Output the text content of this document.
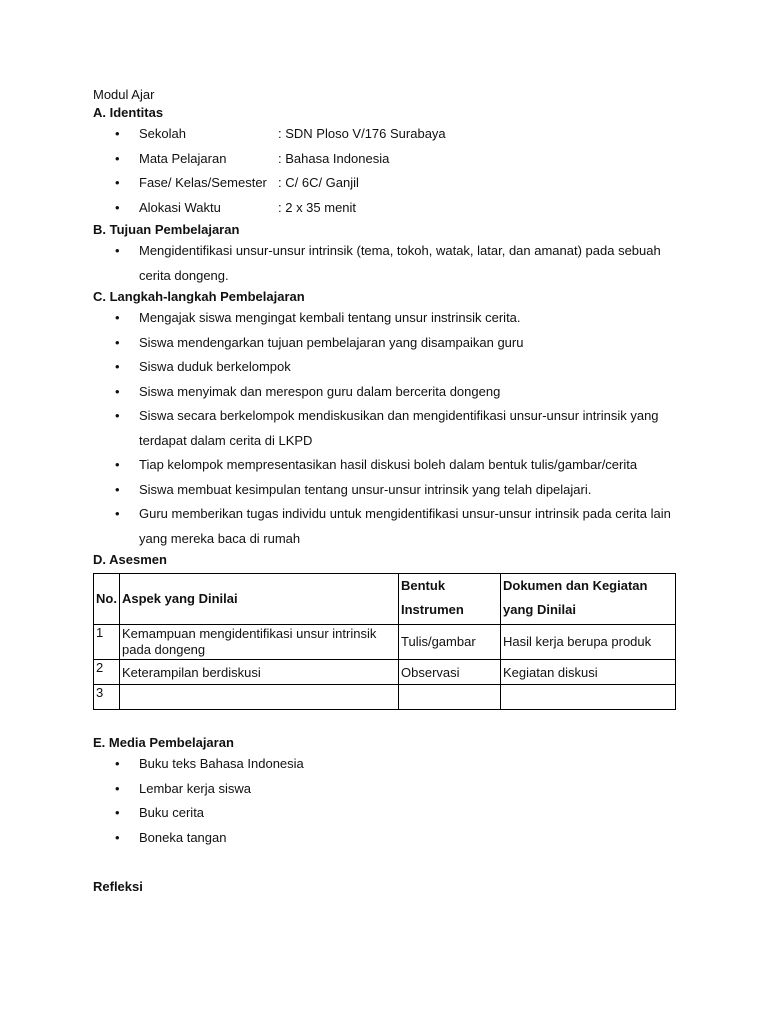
Modul Ajar
A. Identitas
• Sekolah	: SDN Ploso V/176 Surabaya
• Mata Pelajaran	: Bahasa Indonesia
• Fase/ Kelas/Semester : C/ 6C/ Ganjil
• Alokasi Waktu	: 2 x 35 menit
B. Tujuan Pembelajaran
• Mengidentifikasi unsur-unsur intrinsik (tema, tokoh, watak, latar, dan amanat) pada sebuah cerita dongeng.
C. Langkah-langkah Pembelajaran
• Mengajak siswa mengingat kembali tentang unsur instrinsik cerita.
• Siswa mendengarkan tujuan pembelajaran yang disampaikan guru
• Siswa duduk berkelompok
• Siswa menyimak dan merespon guru dalam bercerita dongeng
• Siswa secara berkelompok mendiskusikan dan mengidentifikasi unsur-unsur intrinsik yang terdapat dalam cerita di LKPD
• Tiap kelompok mempresentasikan hasil diskusi boleh dalam bentuk tulis/gambar/cerita
• Siswa membuat kesimpulan tentang unsur-unsur intrinsik yang telah dipelajari.
• Guru memberikan tugas individu untuk mengidentifikasi unsur-unsur intrinsik pada cerita lain yang mereka baca di rumah
D. Asesmen
No.	Aspek yang Dinilai	Bentuk Instrumen	Dokumen dan Kegiatan yang Dinilai
1	Kemampuan mengidentifikasi unsur intrinsik pada dongeng	Tulis/gambar	Hasil kerja berupa produk
2	Keterampilan berdiskusi	Observasi	Kegiatan diskusi
3			
E. Media Pembelajaran
• Buku teks Bahasa Indonesia
• Lembar kerja siswa
• Buku cerita
• Boneka tangan
Refleksi
